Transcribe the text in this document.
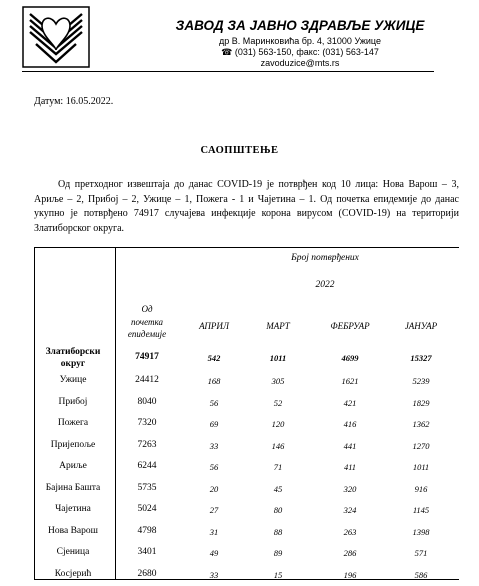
ЗАВОД ЗА ЈАВНО ЗДРАВЉЕ УЖИЦЕ
др В. Маринковића бр. 4, 31000 Ужице
☎ (031) 563-150, факс: (031) 563-147
zavoduzice@mts.rs
Датум: 16.05.2022.
САОПШТЕЊЕ
Од претходног извештаја до данас COVID-19 је потврђен код 10 лица: Нова Варош – 3, Ариље – 2, Прибој – 2, Ужице – 1, Пожега - 1 и Чајетина – 1. Од почетка епидемије до данас укупно је потврђено 74917 случајева инфекције корона вирусом (COVID-19) на територији Златиборског округа.
Број потврђених
2022
Од
почетка
епидемије
АПРИЛ	МАРТ	ФЕБРУАР	ЈАНУАР
Златиборски
округ
74917	542	1011	4699	15327
Ужице	24412	168	305	1621	5239
Прибој	8040	56	52	421	1829
Пожега	7320	69	120	416	1362
Пријепоље	7263	33	146	441	1270
Ариље	6244	56	71	411	1011
Бајина Башта	5735	20	45	320	916
Чајетина	5024	27	80	324	1145
Нова Варош	4798	31	88	263	1398
Сјеница	3401	49	89	286	571
Косјерић	2680	33	15	196	586
